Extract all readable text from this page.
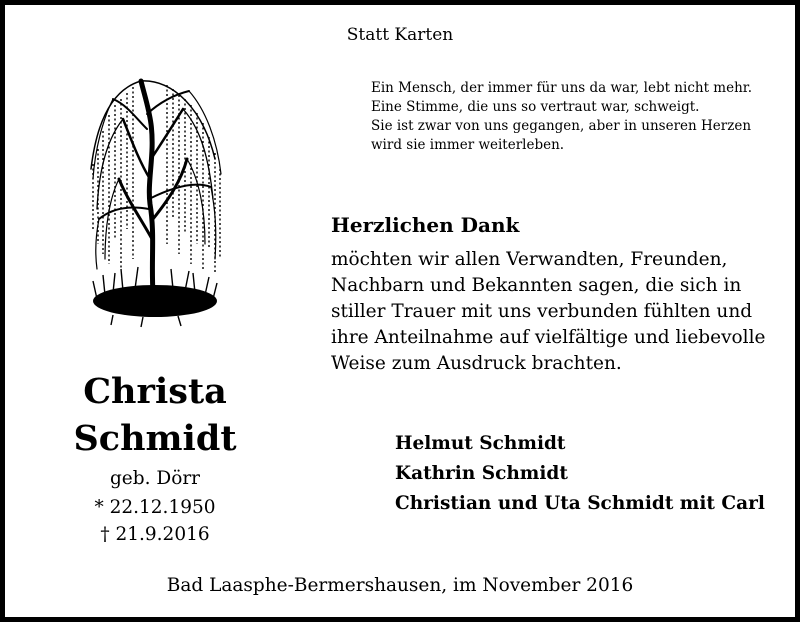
Statt Karten
Ein Mensch, der immer für uns da war, lebt nicht mehr.
Eine Stimme, die uns so vertraut war, schweigt.
Sie ist zwar von uns gegangen, aber in unseren Herzen
wird sie immer weiterleben.
Christa
Schmidt
geb. Dörr
* 22.12.1950
† 21.9.2016
Herzlichen Dank
möchten wir allen Verwandten, Freunden,
Nachbarn und Bekannten sagen, die sich in
stiller Trauer mit uns verbunden fühlten und
ihre Anteilnahme auf vielfältige und liebevolle
Weise zum Ausdruck brachten.
Helmut Schmidt
Kathrin Schmidt
Christian und Uta Schmidt mit Carl
Bad Laasphe-Bermershausen, im November 2016
